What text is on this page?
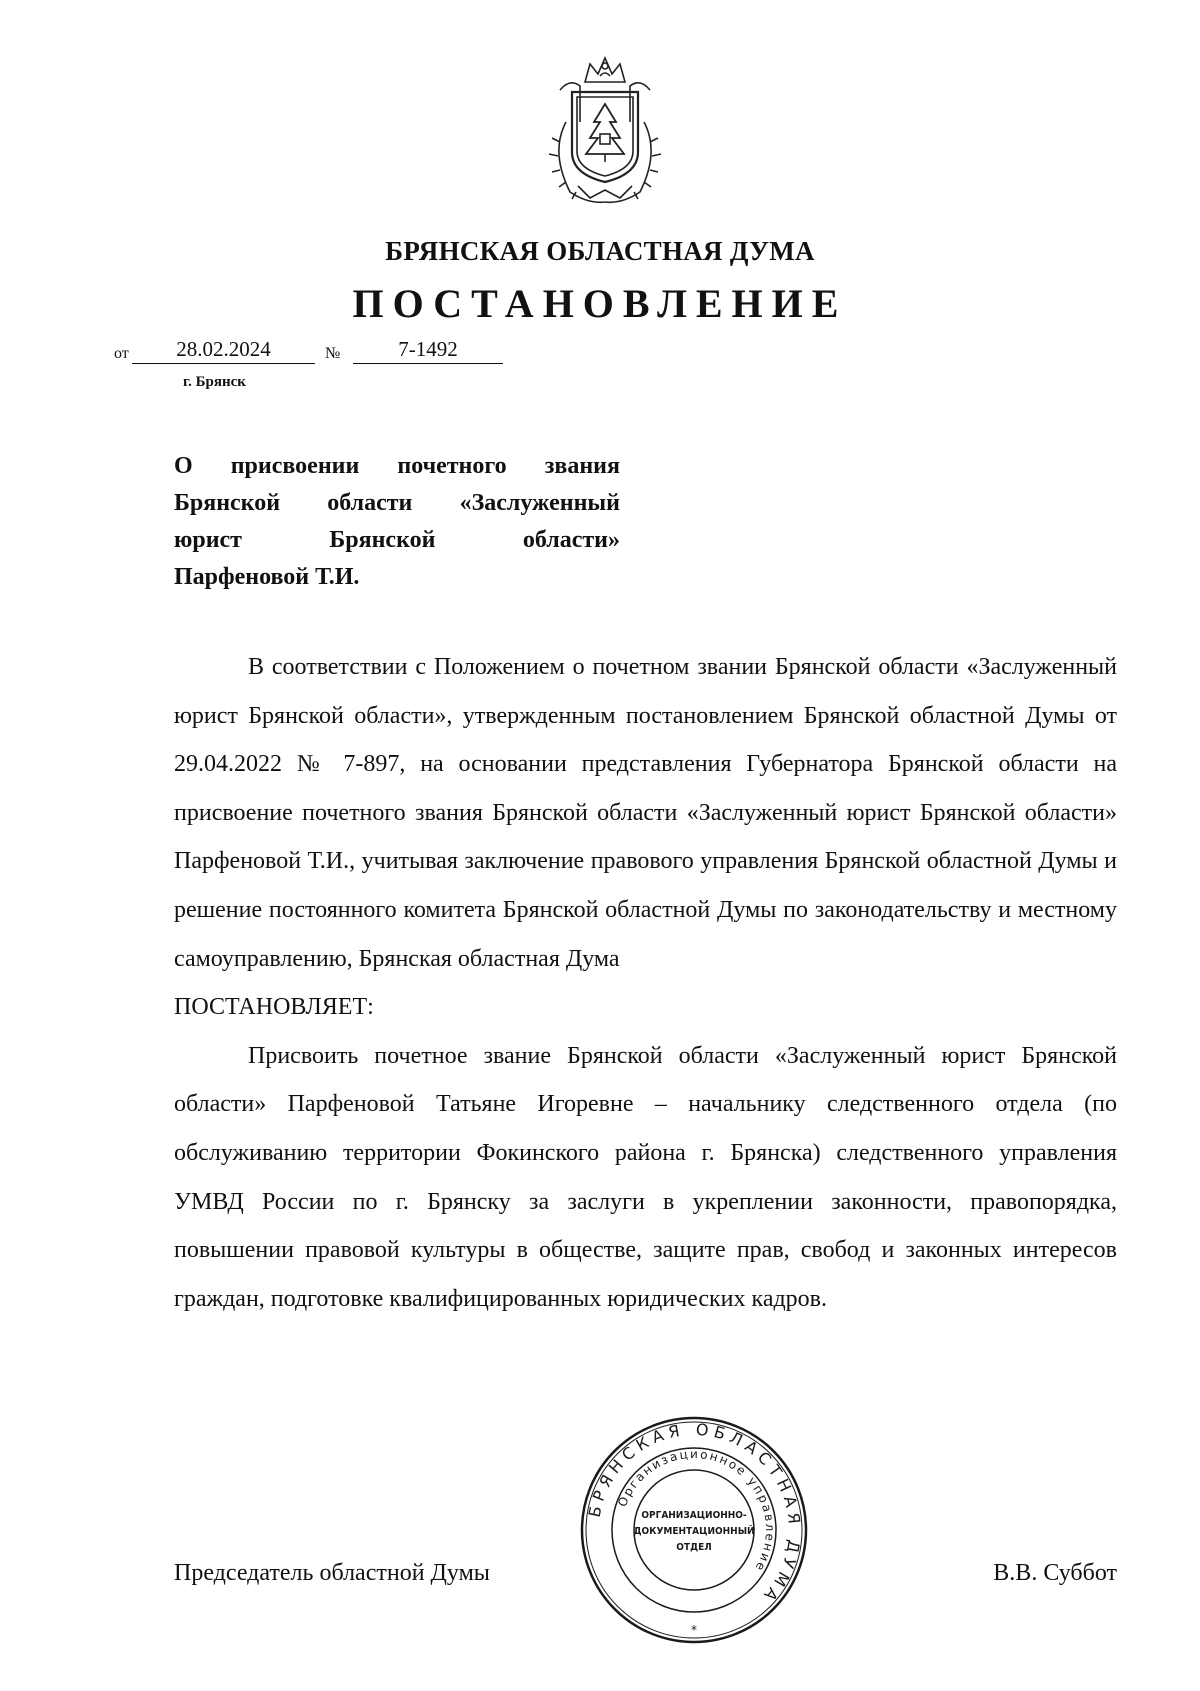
БРЯНСКАЯ ОБЛАСТНАЯ ДУМА
ПОСТАНОВЛЕНИЕ
от	28.02.2024	№	7-1492
г. Брянск
О присвоении почетного звания
Брянской области «Заслуженный
юрист Брянской области»
Парфеновой Т.И.

В соответствии с Положением о почетном звании Брянской области «Заслуженный юрист Брянской области», утвержденным постановлением Брянской областной Думы от 29.04.2022 № 7-897, на основании представления Губернатора Брянской области на присвоение почетного звания Брянской области «Заслуженный юрист Брянской области» Парфеновой Т.И., учитывая заключение правового управления Брянской областной Думы и решение постоянного комитета Брянской областной Думы по законодательству и местному самоуправлению, Брянская областная Дума

ПОСТАНОВЛЯЕТ:

Присвоить почетное звание Брянской области «Заслуженный юрист Брянской области» Парфеновой Татьяне Игоревне – начальнику следственного отдела (по обслуживанию территории Фокинского района г. Брянска) следственного управления УМВД России по г. Брянску за заслуги в укреплении законности, правопорядка, повышении правовой культуры в обществе, защите прав, свобод и законных интересов граждан, подготовке квалифицированных юридических кадров.

Председатель областной Думы	В.В. Суббот
БРЯНСКАЯ ОБЛАСТНАЯ ДУМА
Организационное управление
ОРГАНИЗАЦИОННО-
ДОКУМЕНТАЦИОННЫЙ
ОТДЕЛ
*
